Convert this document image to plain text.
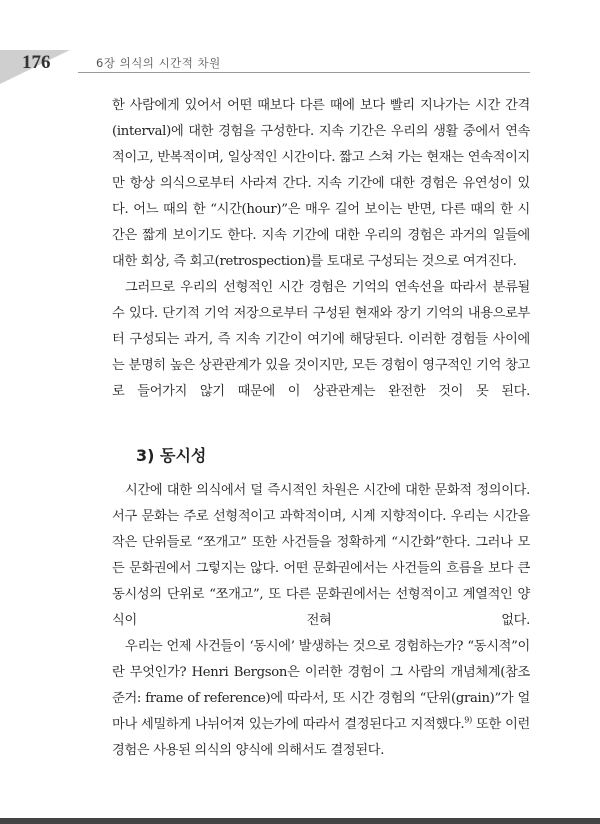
176	6장 의식의 시간적 차원

한 사람에게 있어서 어떤 때보다 다른 때에 보다 빨리 지나가는 시간 간격(interval)에 대한 경험을 구성한다. 지속 기간은 우리의 생활 중에서 연속적이고, 반복적이며, 일상적인 시간이다. 짧고 스쳐 가는 현재는 연속적이지만 항상 의식으로부터 사라져 간다. 지속 기간에 대한 경험은 유연성이 있다. 어느 때의 한 “시간(hour)”은 매우 길어 보이는 반면, 다른 때의 한 시간은 짧게 보이기도 한다. 지속 기간에 대한 우리의 경험은 과거의 일들에 대한 회상, 즉 회고(retrospection)를 토대로 구성되는 것으로 여겨진다.

그러므로 우리의 선형적인 시간 경험은 기억의 연속선을 따라서 분류될 수 있다. 단기적 기억 저장으로부터 구성된 현재와 장기 기억의 내용으로부터 구성되는 과거, 즉 지속 기간이 여기에 해당된다. 이러한 경험들 사이에는 분명히 높은 상관관계가 있을 것이지만, 모든 경험이 영구적인 기억 창고로 들어가지 않기 때문에 이 상관관계는 완전한 것이 못 된다.

3) 동시성

시간에 대한 의식에서 덜 즉시적인 차원은 시간에 대한 문화적 정의이다. 서구 문화는 주로 선형적이고 과학적이며, 시계 지향적이다. 우리는 시간을 작은 단위들로 “쪼개고” 또한 사건들을 정확하게 “시간화”한다. 그러나 모든 문화권에서 그렇지는 않다. 어떤 문화권에서는 사건들의 흐름을 보다 큰 동시성의 단위로 “쪼개고”, 또 다른 문화권에서는 선형적이고 계열적인 양식이 전혀 없다.

우리는 언제 사건들이 ‘동시에’ 발생하는 것으로 경험하는가? “동시적”이란 무엇인가? Henri Bergson은 이러한 경험이 그 사람의 개념체계(참조준거: frame of reference)에 따라서, 또 시간 경험의 “단위(grain)”가 얼마나 세밀하게 나뉘어져 있는가에 따라서 결정된다고 지적했다.$^{9)}$ 또한 이런 경험은 사용된 의식의 양식에 의해서도 결정된다.
